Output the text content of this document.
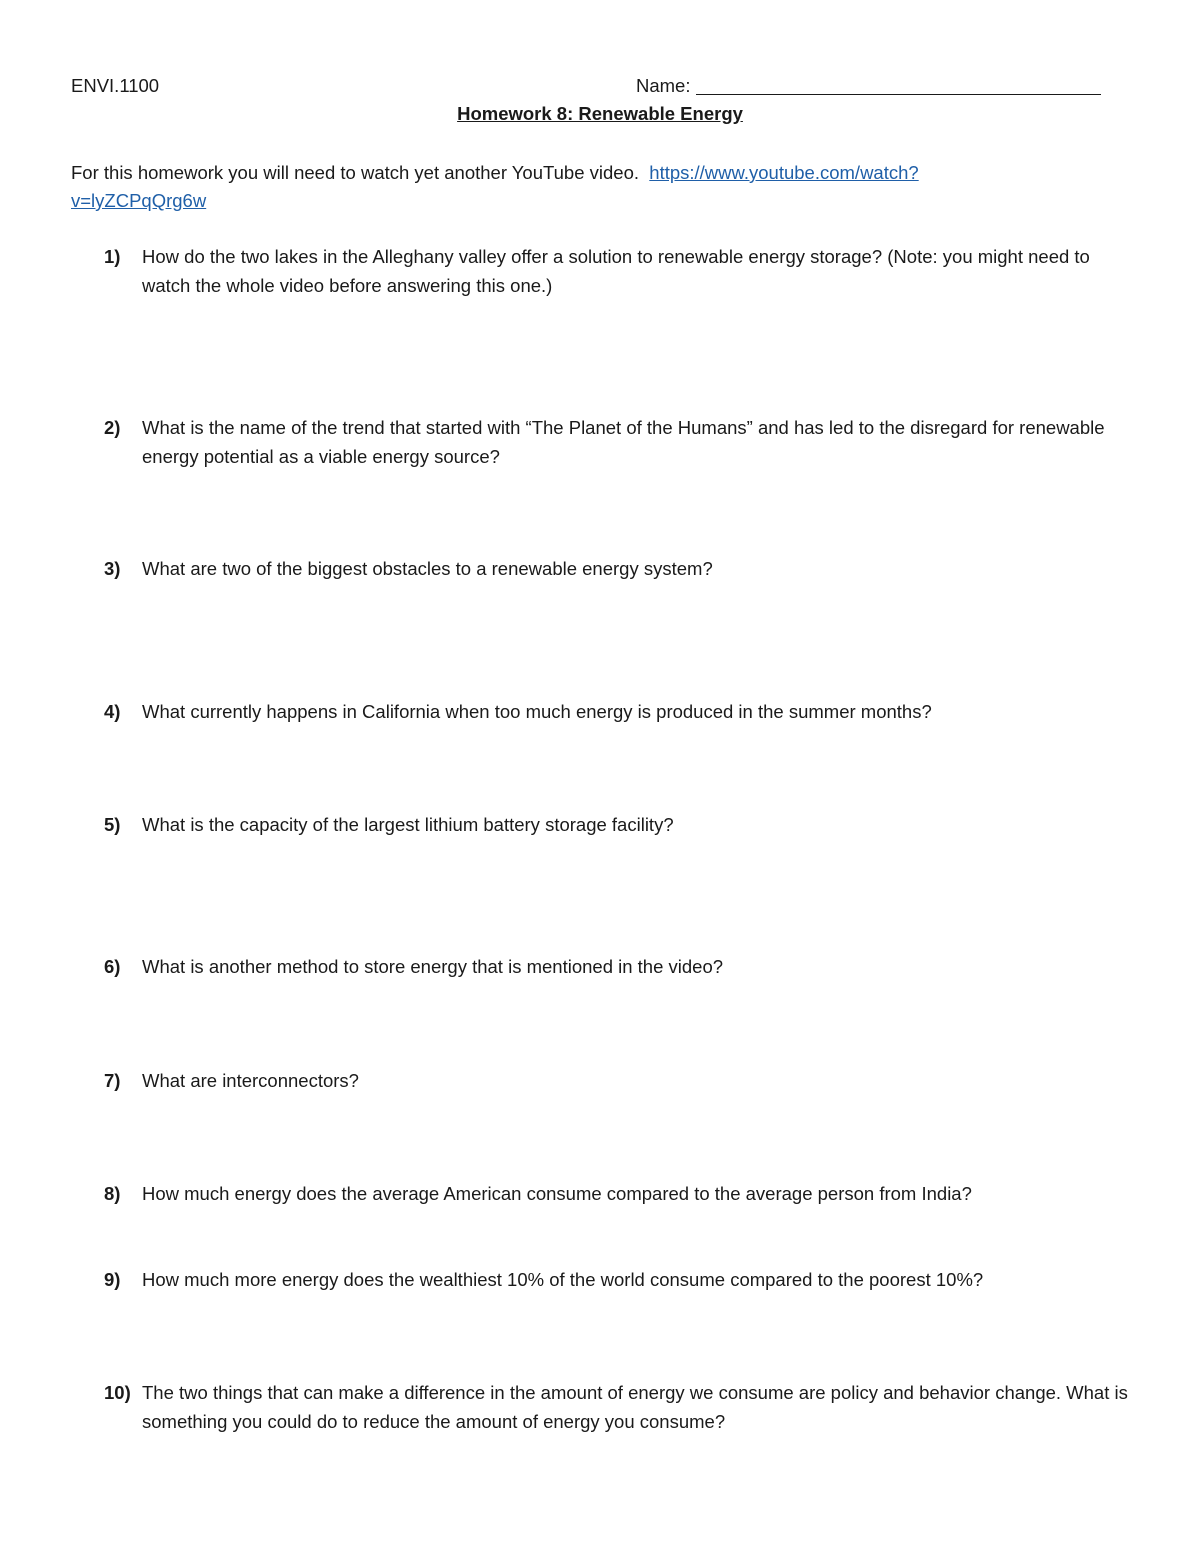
ENVI.1100	Name:
Homework 8: Renewable Energy
For this homework you will need to watch yet another YouTube video. https://www.youtube.com/watch?
v=lyZCPqQrg6w
1)	How do the two lakes in the Alleghany valley offer a solution to renewable energy storage? (Note: you might need to watch the whole video before answering this one.)
2)	What is the name of the trend that started with “The Planet of the Humans” and has led to the disregard for renewable energy potential as a viable energy source?
3)	What are two of the biggest obstacles to a renewable energy system?
4)	What currently happens in California when too much energy is produced in the summer months?
5)	What is the capacity of the largest lithium battery storage facility?
6)	What is another method to store energy that is mentioned in the video?
7)	What are interconnectors?
8)	How much energy does the average American consume compared to the average person from India?
9)	How much more energy does the wealthiest 10% of the world consume compared to the poorest 10%?
10) The two things that can make a difference in the amount of energy we consume are policy and behavior change. What is something you could do to reduce the amount of energy you consume?
